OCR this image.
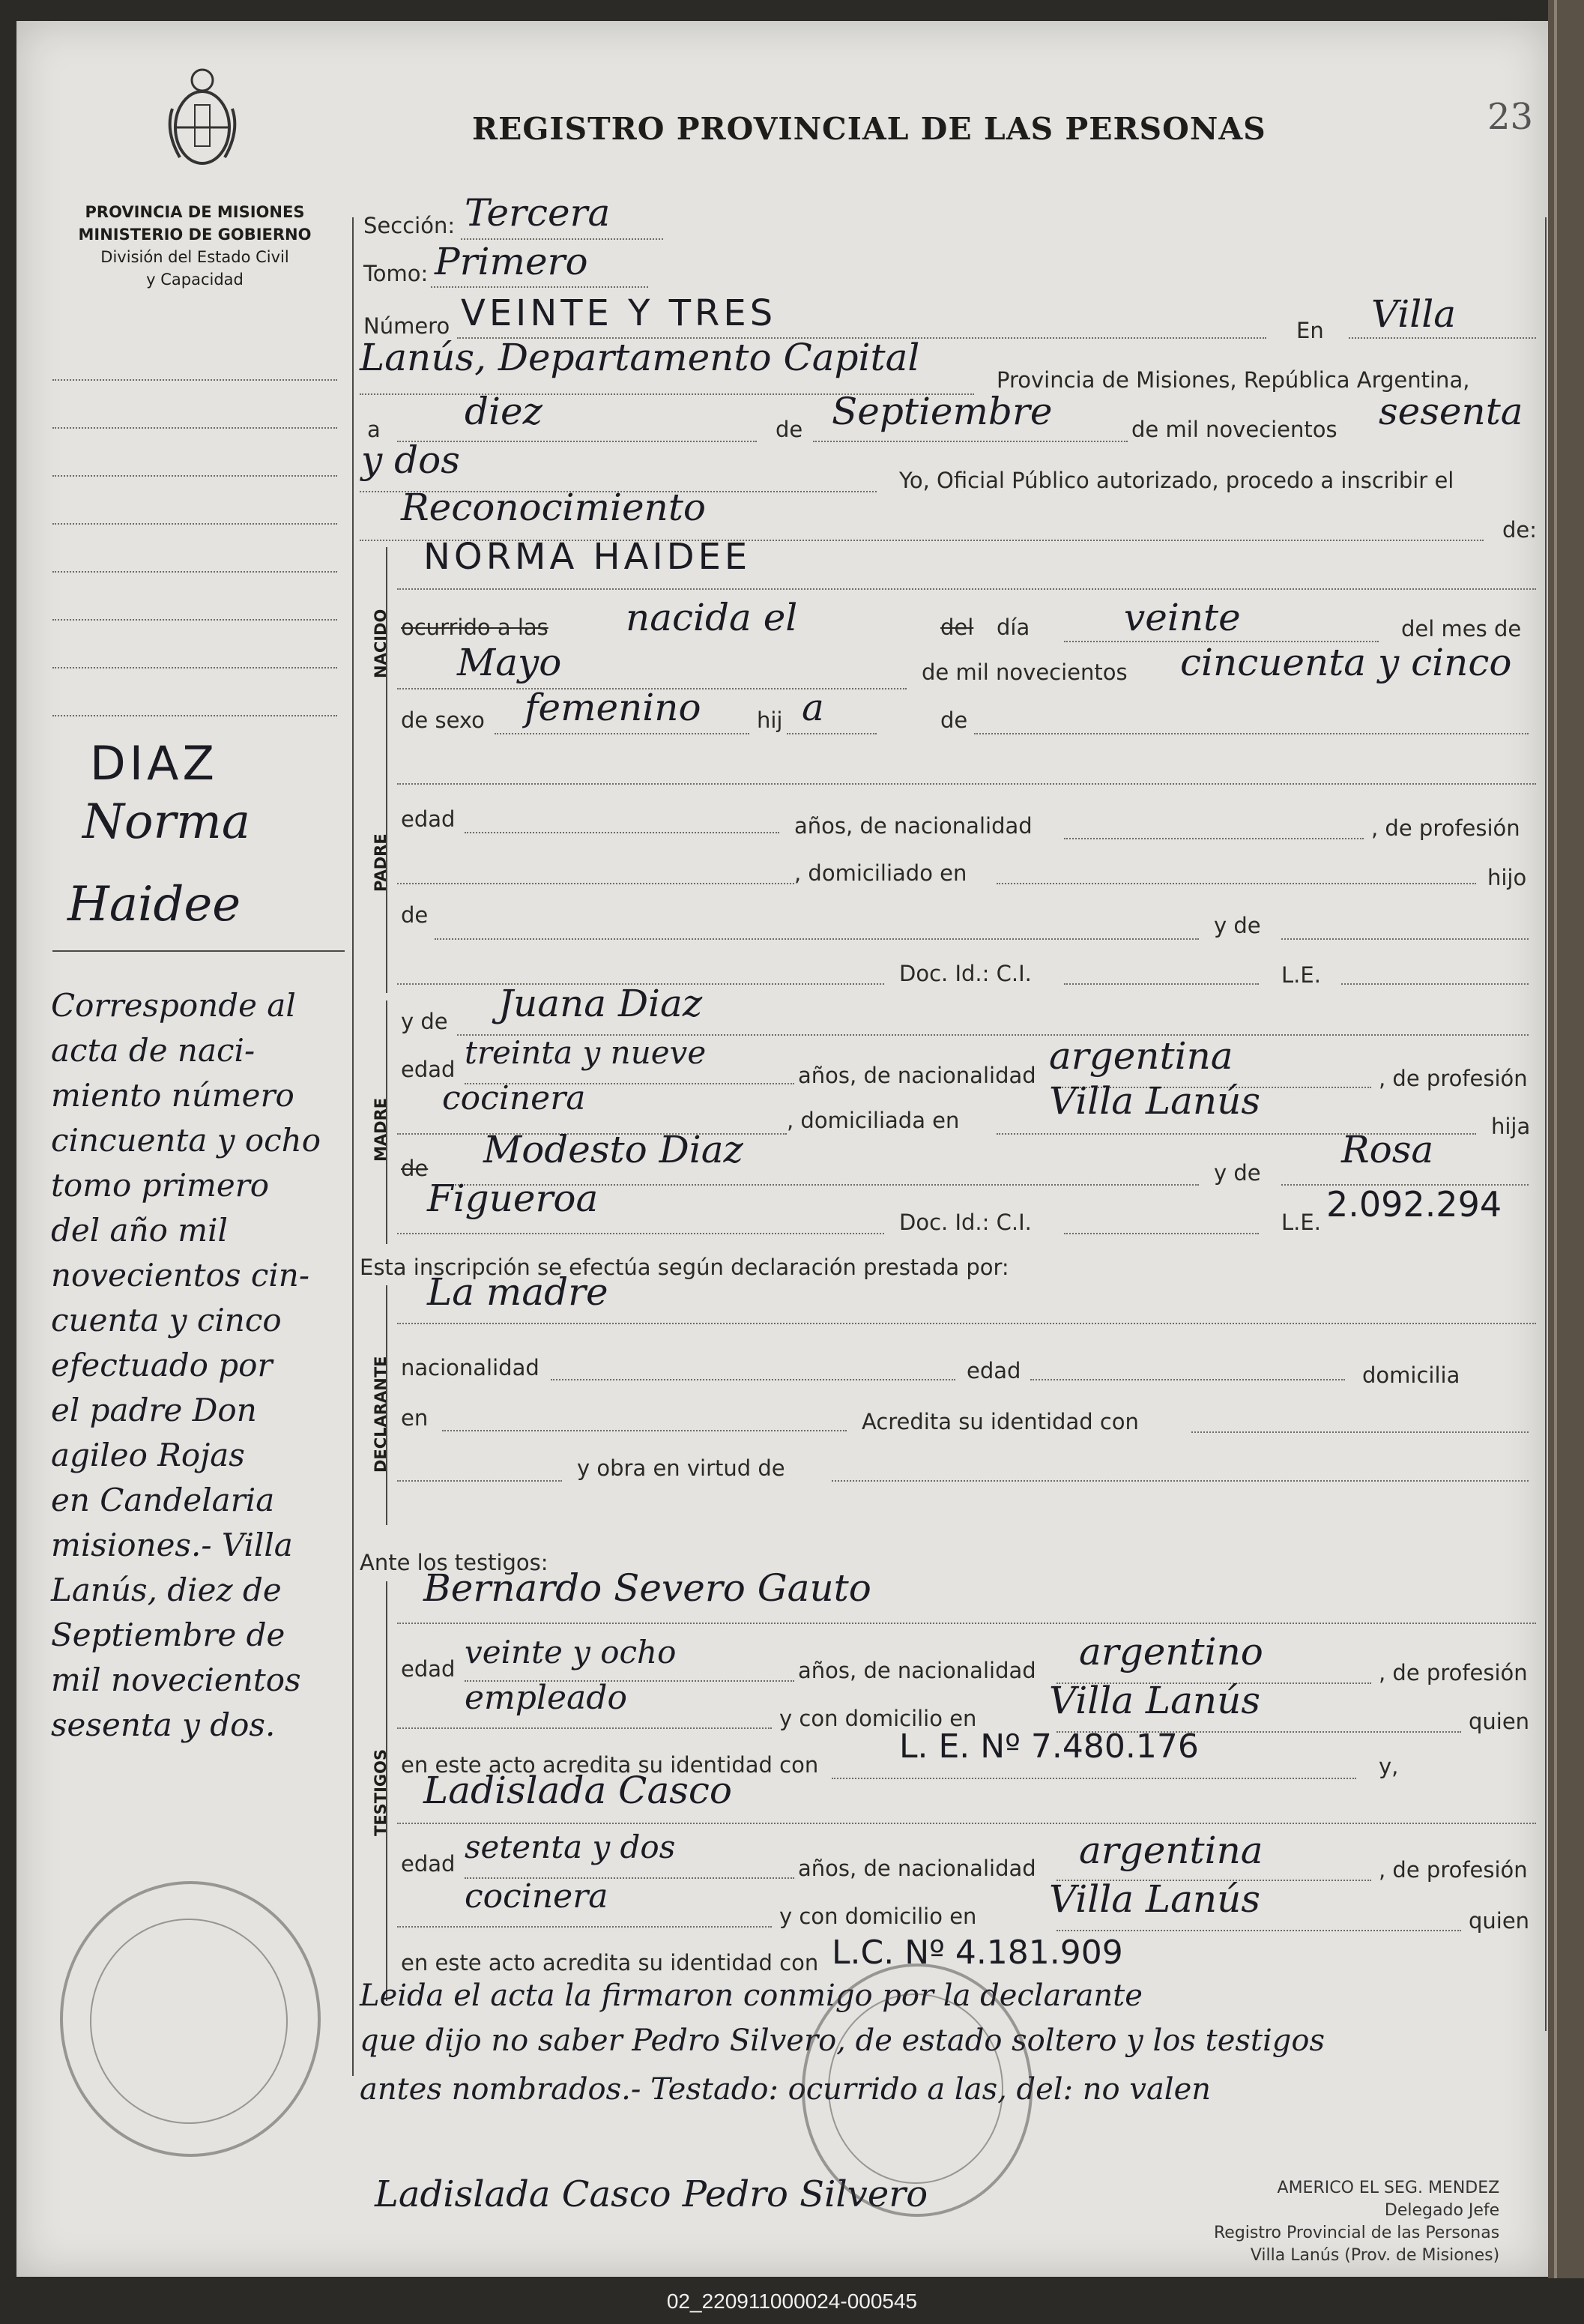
REGISTRO PROVINCIAL DE LAS PERSONAS	23
PROVINCIA DE MISIONES
MINISTERIO DE GOBIERNO
División del Estado Civil
y Capacidad
DIAZ
Norma
Haidee
Corresponde al
acta de naci-
miento número
cincuenta y ocho
tomo primero
del año mil
novecientos cin-
cuenta y cinco
efectuado por
el padre Don
agileo Rojas
en Candelaria
misiones.- Villa
Lanús, diez de
Septiembre de
mil novecientos
sesenta y dos.
Sección: Tercera
Tomo: Primero
Número VEINTE Y TRES	En Villa
Lanús, Departamento Capital
Provincia de Misiones, República Argentina,
a diez	de Septiembre	de mil novecientos sesenta
y dos	Yo, Oficial Público autorizado, procedo a inscribir el
Reconocimiento
de:
NACIDO
NORMA HAIDEE
ocurrido a las nacida el	del día	veinte	del mes de
Mayo	de mil novecientos cincuenta y cinco
de sexo femenino	hij a	de
PADRE
edad	años, de nacionalidad	, de profesión
, domiciliado en	hijo
de	y de
Doc. Id.: C.I.	L.E.
MADRE
y de Juana Diaz
edad treinta y nueve
años, de nacionalidad argentina
, de profesión
cocinera
, domiciliada en Villa Lanús
hija
de Modesto Diaz
y de
Rosa
Figueroa
Doc. Id.: C.I.	L.E. 2.092.294
Esta inscripción se efectúa según declaración prestada por:
DECLARANTE
La madre
nacionalidad	edad	domicilia
en	Acredita su identidad con
y obra en virtud de
Ante los testigos:
TESTIGOS
Bernardo Severo Gauto
edad veinte y ocho	años, de nacionalidad argentino	, de profesión
empleado
y con domicilio en Villa Lanús	quien
en este acto acredita su identidad con L. E. Nº 7.480.176
y,
Ladislada Casco
edad setenta y dos
años, de nacionalidad argentina	, de profesión
cocinera
y con domicilio en Villa Lanús	quien
en este acto acredita su identidad con L.C. Nº 4.181.909
Leida el acta la firmaron conmigo por la declarante
que dijo no saber Pedro Silvero, de estado soltero y los testigos
antes nombrados.- Testado: ocurrido a las, del: no valen
Ladislada Casco Pedro Silvero	AMERICO EL SEG. MENDEZ
Delegado Jefe
Registro Provincial de las Personas
Villa Lanús (Prov. de Misiones)
02_220911000024-000545
